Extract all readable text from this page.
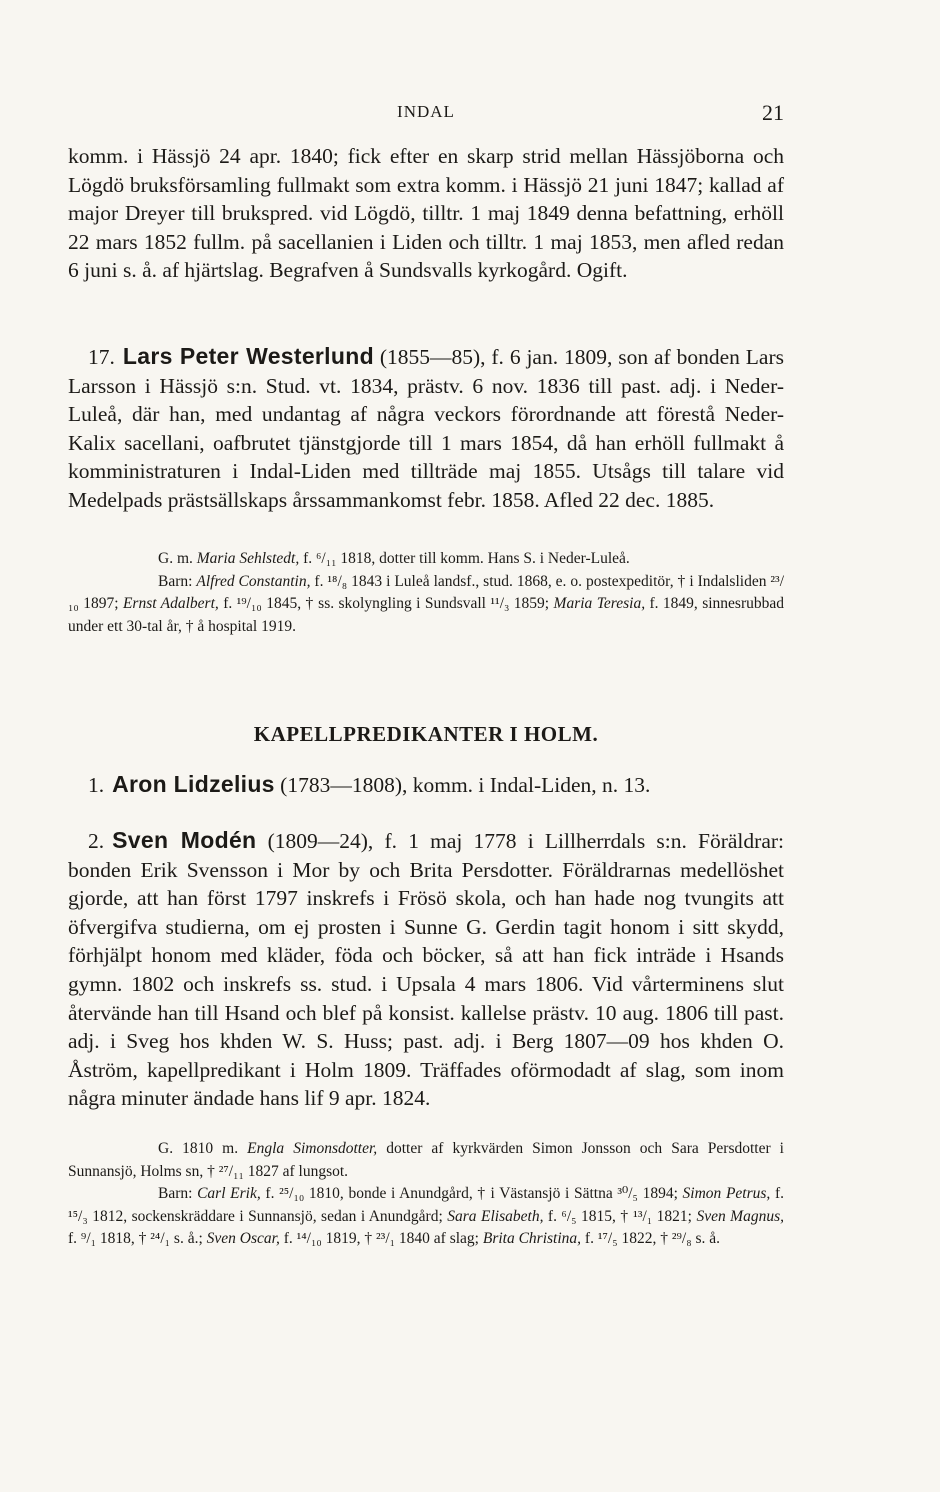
INDAL	21

komm. i Hässjö 24 apr. 1840; fick efter en skarp strid mellan Hässjöborna och Lögdö bruksförsamling fullmakt som extra komm. i Hässjö 21 juni 1847; kallad af major Dreyer till brukspred. vid Lögdö, tilltr. 1 maj 1849 denna befattning, erhöll 22 mars 1852 fullm. på sacellanien i Liden och tilltr. 1 maj 1853, men afled redan 6 juni s. å. af hjärtslag. Begrafven å Sundsvalls kyrkogård. Ogift.

17. Lars Peter Westerlund (1855—85), f. 6 jan. 1809, son af bonden Lars Larsson i Hässjö s:n. Stud. vt. 1834, prästv. 6 nov. 1836 till past. adj. i Neder-Luleå, där han, med undantag af några veckors förordnande att förestå Neder-Kalix sacellani, oafbrutet tjänstgjorde till 1 mars 1854, då han erhöll fullmakt å komministraturen i Indal-Liden med tillträde maj 1855. Utsågs till talare vid Medelpads prästsällskaps årssammankomst febr. 1858. Afled 22 dec. 1885.

G. m. Maria Sehlstedt, f. ⁶/₁₁ 1818, dotter till komm. Hans S. i Neder-Luleå.

Barn: Alfred Constantin, f. ¹⁸/₈ 1843 i Luleå landsf., stud. 1868, e. o. postexpeditör, † i Indalsliden ²³/₁₀ 1897; Ernst Adalbert, f. ¹⁹/₁₀ 1845, † ss. skolyngling i Sundsvall ¹¹/₃ 1859; Maria Teresia, f. 1849, sinnesrubbad under ett 30-tal år, † å hospital 1919.

KAPELLPREDIKANTER I HOLM.

1. Aron Lidzelius (1783—1808), komm. i Indal-Liden, n. 13.

2. Sven Modén (1809—24), f. 1 maj 1778 i Lillherrdals s:n. Föräldrar: bonden Erik Svensson i Mor by och Brita Persdotter. Föräldrarnas medellöshet gjorde, att han först 1797 inskrefs i Frösö skola, och han hade nog tvungits att öfvergifva studierna, om ej prosten i Sunne G. Gerdin tagit honom i sitt skydd, förhjälpt honom med kläder, föda och böcker, så att han fick inträde i Hsands gymn. 1802 och inskrefs ss. stud. i Upsala 4 mars 1806. Vid vårterminens slut återvände han till Hsand och blef på konsist. kallelse prästv. 10 aug. 1806 till past. adj. i Sveg hos khden W. S. Huss; past. adj. i Berg 1807—09 hos khden O. Åström, kapellpredikant i Holm 1809. Träffades oförmodadt af slag, som inom några minuter ändade hans lif 9 apr. 1824.

G. 1810 m. Engla Simonsdotter, dotter af kyrkvärden Simon Jonsson och Sara Persdotter i Sunnansjö, Holms sn, † ²⁷/₁₁ 1827 af lungsot.

Barn: Carl Erik, f. ²⁵/₁₀ 1810, bonde i Anundgård, † i Västansjö i Sättna ³⁰/₅ 1894; Simon Petrus, f. ¹⁵/₃ 1812, sockenskräddare i Sunnansjö, sedan i Anundgård; Sara Elisabeth, f. ⁶/₅ 1815, † ¹³/₁ 1821; Sven Magnus, f. ⁹/₁ 1818, † ²⁴/₁ s. å.; Sven Oscar, f. ¹⁴/₁₀ 1819, † ²³/₁ 1840 af slag; Brita Christina, f. ¹⁷/₅ 1822, † ²⁹/₈ s. å.
